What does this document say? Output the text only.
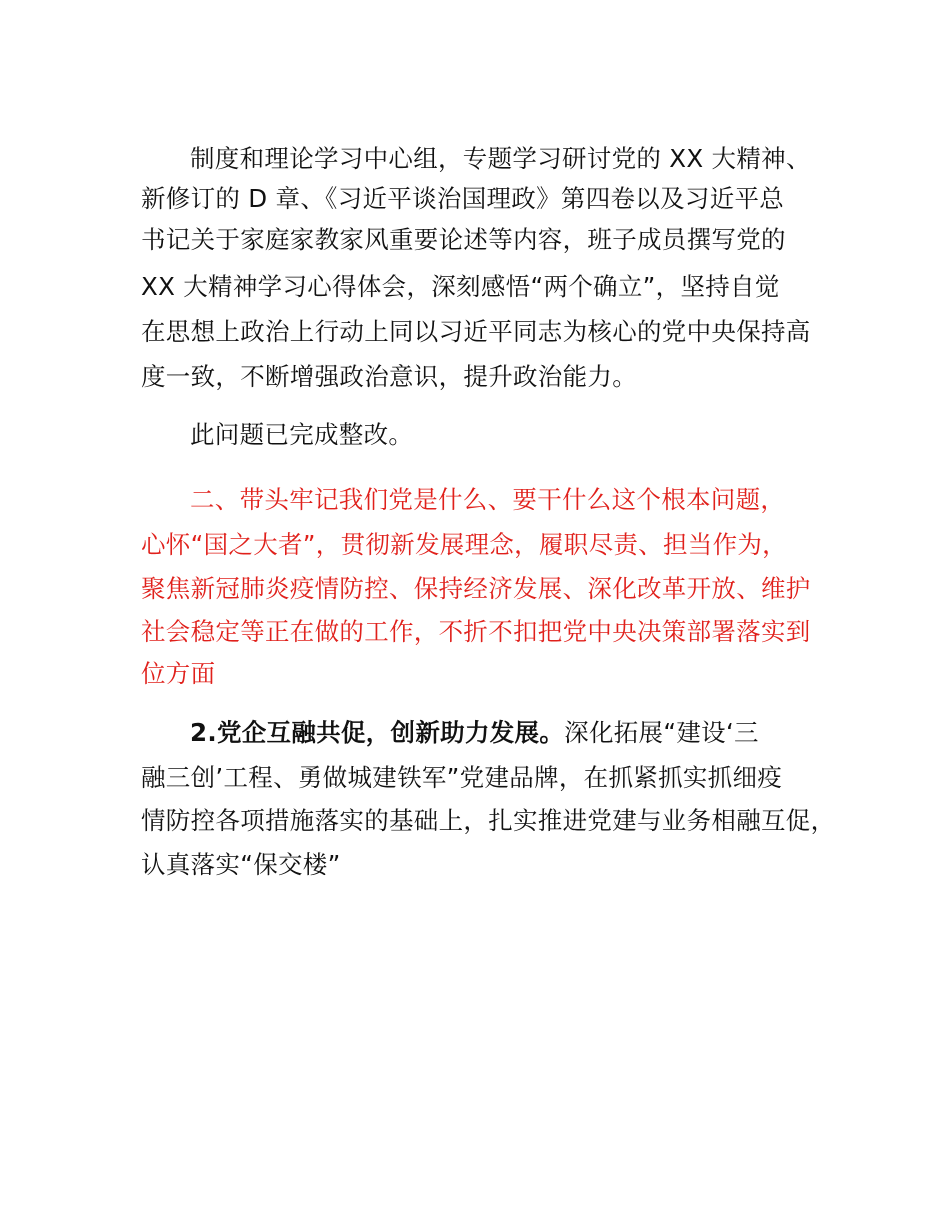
制度和理论学习中心组，专题学习研讨党的 XX 大精神、
新修订的 D 章、《习近平谈治国理政》第四卷以及习近平总
书记关于家庭家教家风重要论述等内容，班子成员撰写党的
XX 大精神学习心得体会，深刻感悟“两个确立”，坚持自觉
在思想上政治上行动上同以习近平同志为核心的党中央保持高
度一致，不断增强政治意识，提升政治能力。
此问题已完成整改。
二、带头牢记我们党是什么、要干什么这个根本问题，
心怀“国之大者”，贯彻新发展理念，履职尽责、担当作为，
聚焦新冠肺炎疫情防控、保持经济发展、深化改革开放、维护
社会稳定等正在做的工作，不折不扣把党中央决策部署落实到
位方面
2.党企互融共促，创新助力发展。深化拓展“建设‘三
融三创’工程、勇做城建铁军”党建品牌，在抓紧抓实抓细疫
情防控各项措施落实的基础上，扎实推进党建与业务相融互促，
认真落实“保交楼”
